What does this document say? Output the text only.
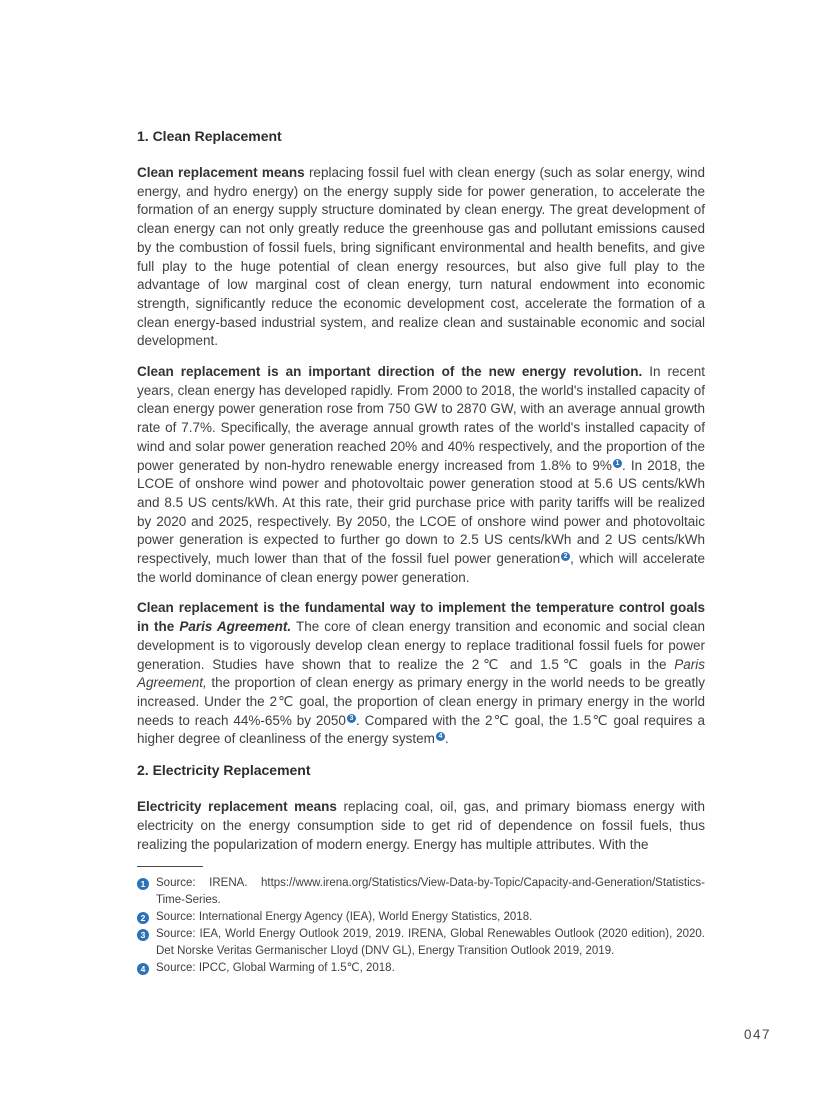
1. Clean Replacement

Clean replacement means replacing fossil fuel with clean energy (such as solar energy, wind energy, and hydro energy) on the energy supply side for power generation, to accelerate the formation of an energy supply structure dominated by clean energy. The great development of clean energy can not only greatly reduce the greenhouse gas and pollutant emissions caused by the combustion of fossil fuels, bring significant environmental and health benefits, and give full play to the huge potential of clean energy resources, but also give full play to the advantage of low marginal cost of clean energy, turn natural endowment into economic strength, significantly reduce the economic development cost, accelerate the formation of a clean energy-based industrial system, and realize clean and sustainable economic and social development.

Clean replacement is an important direction of the new energy revolution. In recent years, clean energy has developed rapidly. From 2000 to 2018, the world's installed capacity of clean energy power generation rose from 750 GW to 2870 GW, with an average annual growth rate of 7.7%. Specifically, the average annual growth rates of the world's installed capacity of wind and solar power generation reached 20% and 40% respectively, and the proportion of the power generated by non-hydro renewable energy increased from 1.8% to 9% 1 . In 2018, the LCOE of onshore wind power and photovoltaic power generation stood at 5.6 US cents/kWh and 8.5 US cents/kWh. At this rate, their grid purchase price with parity tariffs will be realized by 2020 and 2025, respectively. By 2050, the LCOE of onshore wind power and photovoltaic power generation is expected to further go down to 2.5 US cents/kWh and 2 US cents/kWh respectively, much lower than that of the fossil fuel power generation 2 , which will accelerate the world dominance of clean energy power generation.

Clean replacement is the fundamental way to implement the temperature control goals in the Paris Agreement. The core of clean energy transition and economic and social clean development is to vigorously develop clean energy to replace traditional fossil fuels for power generation. Studies have shown that to realize the 2℃ and 1.5℃ goals in the Paris Agreement, the proportion of clean energy as primary energy in the world needs to be greatly increased. Under the 2℃ goal, the proportion of clean energy in primary energy in the world needs to reach 44%-65% by 2050 3 . Compared with the 2℃ goal, the 1.5℃ goal requires a higher degree of cleanliness of the energy system 4 .

2. Electricity Replacement

Electricity replacement means replacing coal, oil, gas, and primary biomass energy with electricity on the energy consumption side to get rid of dependence on fossil fuels, thus realizing the popularization of modern energy. Energy has multiple attributes. With the

1 Source: IRENA. https://www.irena.org/Statistics/View-Data-by-Topic/Capacity-and-Generation/Statistics-Time-Series.
2 Source: International Energy Agency (IEA), World Energy Statistics, 2018.
3 Source: IEA, World Energy Outlook 2019, 2019. IRENA, Global Renewables Outlook (2020 edition), 2020. Det Norske Veritas Germanischer Lloyd (DNV GL), Energy Transition Outlook 2019, 2019.
4 Source: IPCC, Global Warming of 1.5℃, 2018.
047
